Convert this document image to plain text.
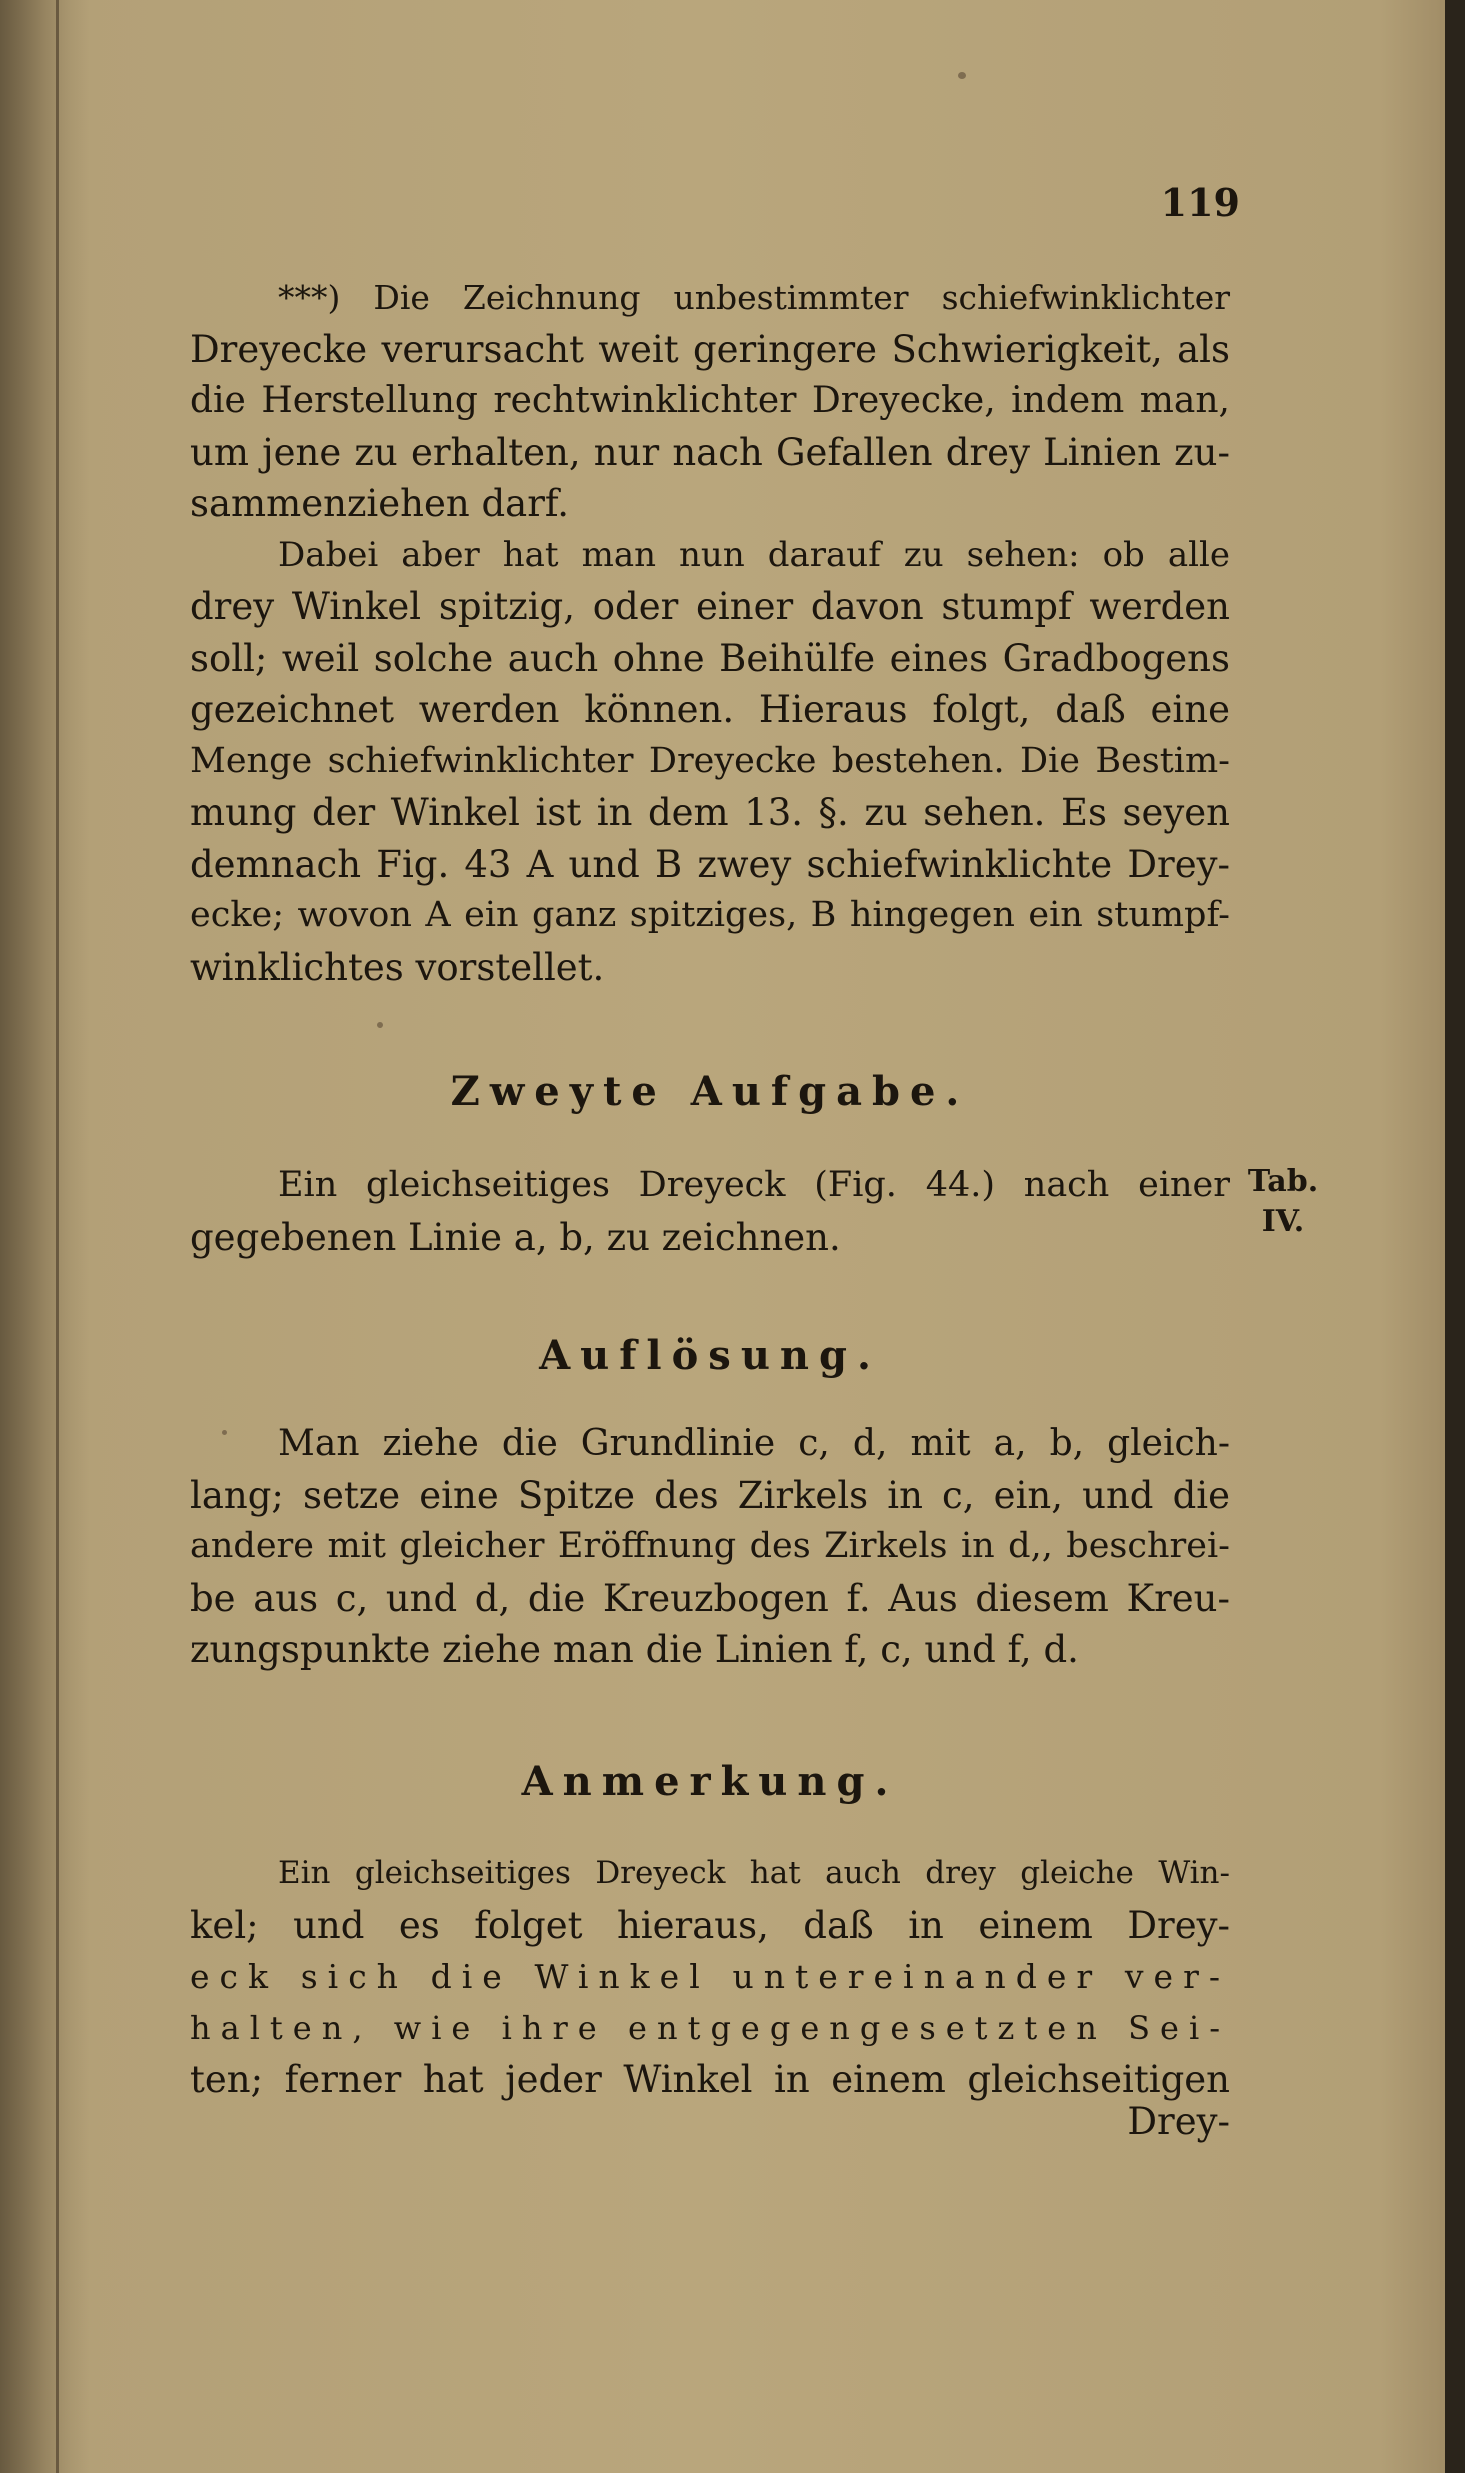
119
***) Die Zeichnung unbestimmter schiefwinklichter
Dreyecke verursacht weit geringere Schwierigkeit, als
die Herstellung rechtwinklichter Dreyecke, indem man,
um jene zu erhalten, nur nach Gefallen drey Linien zu-
sammenziehen darf.
Dabei aber hat man nun darauf zu sehen: ob alle
drey Winkel spitzig, oder einer davon stumpf werden
soll; weil solche auch ohne Beihülfe eines Gradbogens
gezeichnet werden können. Hieraus folgt, daß eine
Menge schiefwinklichter Dreyecke bestehen. Die Bestim-
mung der Winkel ist in dem 13. §. zu sehen. Es seyen
demnach Fig. 43 A und B zwey schiefwinklichte Drey-
ecke; wovon A ein ganz spitziges, B hingegen ein stumpf-
winklichtes vorstellet.
Zweyte Aufgabe.
Ein gleichseitiges Dreyeck (Fig. 44.) nach einer
gegebenen Linie a, b, zu zeichnen.
Tab.
IV.
Auflösung.
Man ziehe die Grundlinie c, d, mit a, b, gleich-
lang; setze eine Spitze des Zirkels in c, ein, und die
andere mit gleicher Eröffnung des Zirkels in d,, beschrei-
be aus c, und d, die Kreuzbogen f. Aus diesem Kreu-
zungspunkte ziehe man die Linien f, c, und f, d.
Anmerkung.
Ein gleichseitiges Dreyeck hat auch drey gleiche Win-
kel; und es folget hieraus, daß in einem Drey-
eck sich die Winkel untereinander ver-
halten, wie ihre entgegengesetzten Sei-
ten; ferner hat jeder Winkel in einem gleichseitigen
Drey-
